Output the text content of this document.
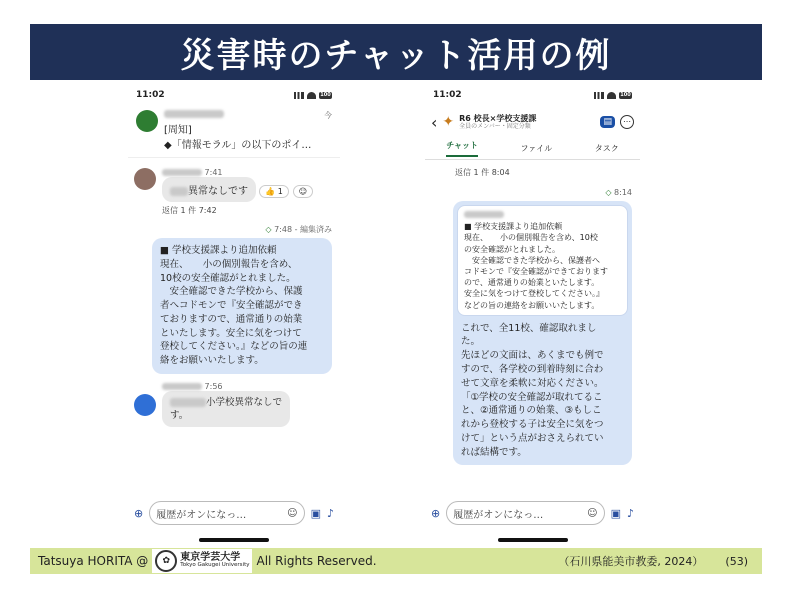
災害時のチャット活用の例
11:02	100
今
[周知]
◆「情報モラル」の以下のポイ…
7:41
異常なしです	👍 1	☺
返信 1 件 7:42
◇ 7:48 - 編集済み
■ 学校支援課より追加依頼
現在、　　小の個別報告を含め、
10校の安全確認がとれました。
　安全確認できた学校から、保護
者へコドモンで『安全確認ができ
ておりますので、通常通りの始業
といたします。安全に気をつけて
登校してください。』などの旨の連
絡をお願いいたします。
7:56
小学校異常なしで
す。
⊕ 履歴がオンになっ…	☺ ▣ ♪
11:02	100
‹ ✦ R6 校長×学校支援課
全員のメンバー・固定分類	▤	⋯
チャット	ファイル	タスク
返信 1 件 8:04
◇ 8:14
■ 学校支援課より追加依頼
現在、　　小の個別報告を含め、10校
の安全確認がとれました。
　安全確認できた学校から、保護者へ
コドモンで『安全確認ができております
ので、通常通りの始業といたします。
安全に気をつけて登校してください。』
などの旨の連絡をお願いいたします。
これで、全11校、確認取れまし
た。
先ほどの文面は、あくまでも例で
すので、各学校の到着時刻に合わ
せて文章を柔軟に対応ください。
「①学校の安全確認が取れてるこ
と、②通常通りの始業、③もしこ
れから登校する子は安全に気をつ
けて」という点がおさえられてい
れば結構です。
⊕ 履歴がオンになっ…	☺ ▣ ♪
Tatsuya HORITA @	✿	東京学芸大学
Tokyo Gakugei University All Rights Reserved.	（石川県能美市教委, 2024） (53)
